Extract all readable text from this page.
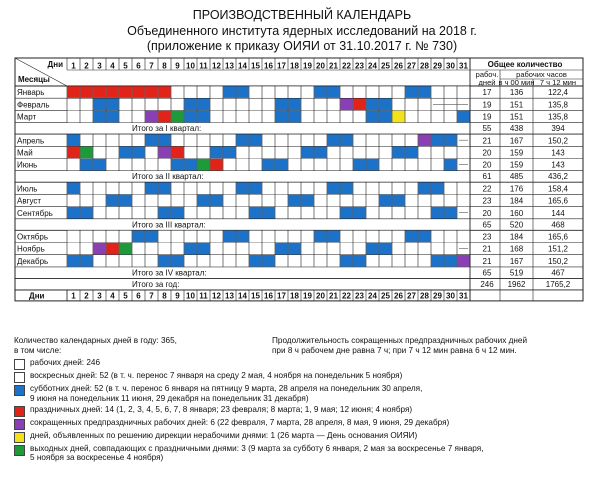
ПРОИЗВОДСТВЕННЫЙ КАЛЕНДАРЬ
Объединенного института ядерных исследований на 2018 г.
(приложение к приказу ОИЯИ от 31.10.2017 г. № 730)
Дни
Месяцы
1 2 3 4 5 6 7 8 9 10 11 12 13 14 15 16 17 18 19 20 21 22 23 24 25 26 27 28 29 30 31 Общее количество
рабоч.
дней
рабочих часов
в ч 00 мин 7 ч 12 мин
Январь	17 136	122,4
Февраль	19 151	135,8
Март	19 151	135,8
Итого за I квартал:	55 438	394
Апрель	21 167	150,2
Май	20 159	143
Июнь	20 159	143
Итого за II квартал:	61 485	436,2
Июль	22 176	158,4
Август	23 184	165,6
Сентябрь	20 160	144
Итого за III квартал:	65 520	468
Октябрь	23 184	165,6
Ноябрь	21 168	151,2
Декабрь	21 167	150,2
Итого за IV квартал:	65 519	467
Итого за год:	246 1962	1765,2
Дни	1 2 3 4 5 6 7 8 9 10 11 12 13 14 15 16 17 18 19 20 21 22 23 24 25 26 27 28 29 30 31
Количество календарных дней в году: 365,
в том числе:
рабочих дней: 246
воскресных дней: 52 (в т. ч. перенос 7 января на среду 2 мая, 4 ноября на понедельник 5 ноября)
субботних дней: 52 (в т. ч. перенос 6 января на пятницу 9 марта, 28 апреля на понедельник 30 апреля,
9 июня на понедельник 11 июня, 29 декабря на понедельник 31 декабря)
праздничных дней: 14 (1, 2, 3, 4, 5, 6, 7, 8 января; 23 февраля; 8 марта; 1, 9 мая; 12 июня; 4 ноября)
сокращенных предпраздничных рабочих дней: 6 (22 февраля, 7 марта, 28 апреля, 8 мая, 9 июня, 29 декабря)
дней, объявленных по решению дирекции нерабочими днями: 1 (26 марта — День основания ОИЯИ)
выходных дней, совпадающих с праздничными днями: 3 (9 марта за субботу 6 января, 2 мая за воскресенье 7 января,
5 ноября за воскресенье 4 ноября)
Продолжительность сокращенных предпраздничных рабочих дней
при 8 ч рабочем дне равна 7 ч; при 7 ч 12 мин равна 6 ч 12 мин.
